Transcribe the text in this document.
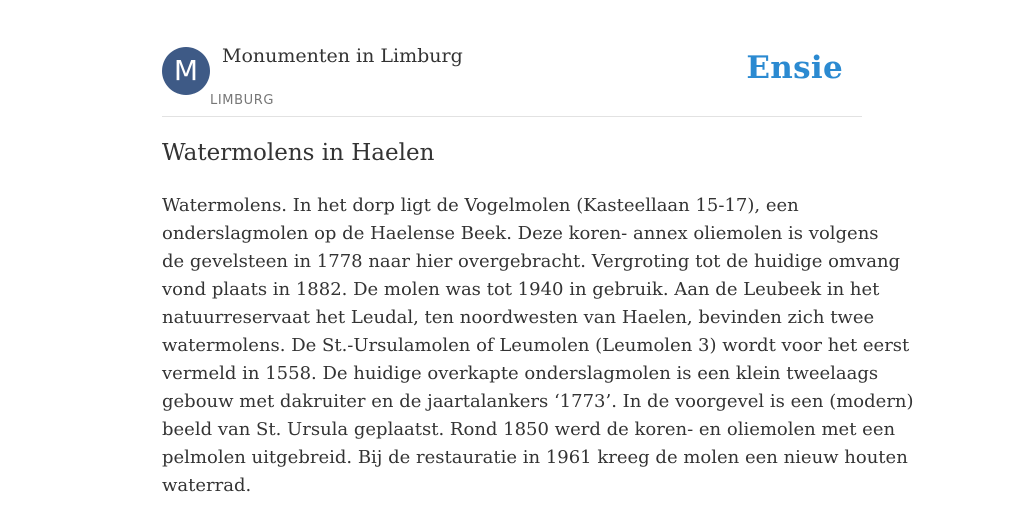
M	Monumenten in Limburg
LIMBURG
Ensie
Watermolens in Haelen

Watermolens. In het dorp ligt de Vogelmolen (Kasteellaan 15-17), een
onderslagmolen op de Haelense Beek. Deze koren- annex oliemolen is volgens
de gevelsteen in 1778 naar hier overgebracht. Vergroting tot de huidige omvang
vond plaats in 1882. De molen was tot 1940 in gebruik. Aan de Leubeek in het
natuurreservaat het Leudal, ten noordwesten van Haelen, bevinden zich twee
watermolens. De St.-Ursulamolen of Leumolen (Leumolen 3) wordt voor het eerst
vermeld in 1558. De huidige overkapte onderslagmolen is een klein tweelaags
gebouw met dakruiter en de jaartalankers ‘1773’. In de voorgevel is een (modern)
beeld van St. Ursula geplaatst. Rond 1850 werd de koren- en oliemolen met een
pelmolen uitgebreid. Bij de restauratie in 1961 kreeg de molen een nieuw houten
waterrad.
